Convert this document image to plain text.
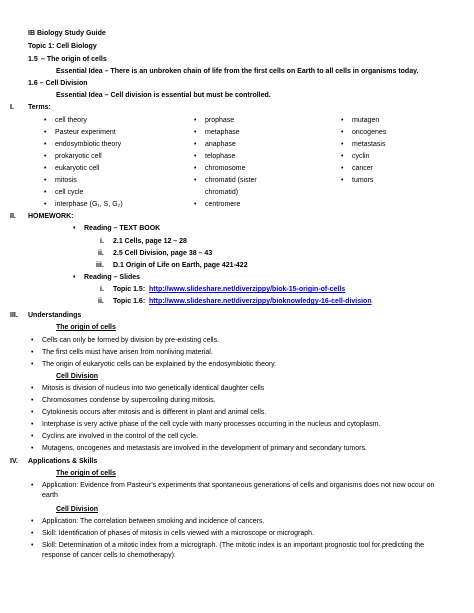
IB Biology Study Guide
Topic 1: Cell Biology
1.5 – The origin of cells
Essential Idea – There is an unbroken chain of life from the first cells on Earth to all cells in organisms today.
1.6 – Cell Division
Essential Idea – Cell division is essential but must be controlled.
I. Terms:
• cell theory
• Pasteur experiment
• endosymbiotic theory
• prokaryotic cell
• eukaryotic cell
• mitosis
• cell cycle
• interphase (G₁, S, G₂)
• prophase
• metaphase
• anaphase
• telophase
• chromosome
• chromatid (sister
chromatid)
• centromere
• mutagen
• oncogenes
• metastasis
• cyclin
• cancer
• tumors
II. HOMEWORK:
• Reading – TEXT BOOK
i. 2.1 Cells, page 12 – 28
ii. 2.5 Cell Division, page 38 – 43
iii. D.1 Origin of Life on Earth, page 421-422
• Reading – Slides
i. Topic 1.5: http://www.slideshare.net/diverzippy/biok-15-origin-of-cells
ii. Topic 1.6: http://www.slideshare.net/diverzippy/bioknowledgy-16-cell-division
III. Understandings
The origin of cells
• Cells can only be formed by division by pre-existing cells.
• The first cells must have arisen from nonliving material.
• The origin of eukaryotic cells can be explained by the endosymbiotic theory.
Cell Division
• Mitosis is division of nucleus into two genetically identical daughter cells
• Chromosomes condense by supercoiling during mitosis.
• Cytokinesis occurs after mitosis and is different in plant and animal cells.
• Interphase is very active phase of the cell cycle with many processes occurring in the nucleus and cytoplasm.
• Cyclins are involved in the control of the cell cycle.
• Mutagens, oncogenes and metastasis are involved in the development of primary and secondary tumors.
IV. Applications & Skills
The origin of cells
• Application: Evidence from Pasteur’s experiments that spontaneous generations of cells and organisms does not now occur on earth
Cell Division
• Application: The correlation between smoking and incidence of cancers.
• Skill: Identification of phases of mitosis in cells viewed with a microscope or micrograph.
• Skill: Determination of a mitotic index from a micrograph. (The mitotic index is an important prognostic tool for predicting the response of cancer cells to chemotherapy).
